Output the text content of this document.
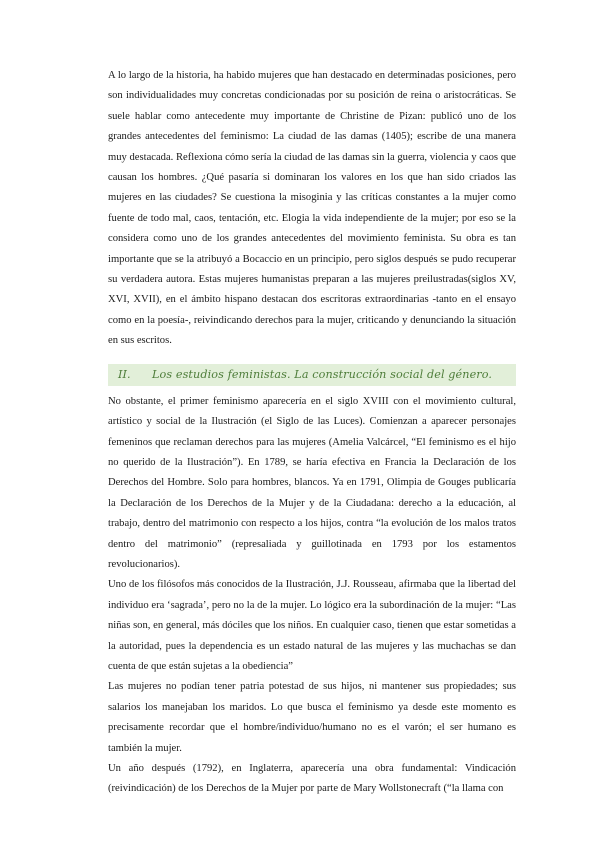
A lo largo de la historia, ha habido mujeres que han destacado en determinadas posiciones, pero son individualidades muy concretas condicionadas por su posición de reina o aristocráticas. Se suele hablar como antecedente muy importante de Christine de Pizan: publicó uno de los grandes antecedentes del feminismo: La ciudad de las damas (1405); escribe de una manera muy destacada. Reflexiona cómo sería la ciudad de las damas sin la guerra, violencia y caos que causan los hombres. ¿Qué pasaría si dominaran los valores en los que han sido criados las mujeres en las ciudades? Se cuestiona la misoginia y las críticas constantes a la mujer como fuente de todo mal, caos, tentación, etc. Elogia la vida independiente de la mujer; por eso se la considera como uno de los grandes antecedentes del movimiento feminista. Su obra es tan importante que se la atribuyó a Bocaccio en un principio, pero siglos después se pudo recuperar su verdadera autora. Estas mujeres humanistas preparan a las mujeres preilustradas(siglos XV, XVI, XVII), en el ámbito hispano destacan dos escritoras extraordinarias -tanto en el ensayo como en la poesía-, reivindicando derechos para la mujer, criticando y denunciando la situación en sus escritos.

II.	Los estudios feministas. La construcción social del género.

No obstante, el primer feminismo aparecería en el siglo XVIII con el movimiento cultural, artístico y social de la Ilustración (el Siglo de las Luces). Comienzan a aparecer personajes femeninos que reclaman derechos para las mujeres (Amelia Valcárcel, “El feminismo es el hijo no querido de la Ilustración”). En 1789, se haría efectiva en Francia la Declaración de los Derechos del Hombre. Solo para hombres, blancos. Ya en 1791, Olimpia de Gouges publicaría la Declaración de los Derechos de la Mujer y de la Ciudadana: derecho a la educación, al trabajo, dentro del matrimonio con respecto a los hijos, contra “la evolución de los malos tratos dentro del matrimonio” (represaliada y guillotinada en 1793 por los estamentos revolucionarios).

Uno de los filósofos más conocidos de la Ilustración, J.J. Rousseau, afirmaba que la libertad del individuo era ‘sagrada’, pero no la de la mujer. Lo lógico era la subordinación de la mujer: “Las niñas son, en general, más dóciles que los niños. En cualquier caso, tienen que estar sometidas a la autoridad, pues la dependencia es un estado natural de las mujeres y las muchachas se dan cuenta de que están sujetas a la obediencia”

Las mujeres no podían tener patria potestad de sus hijos, ni mantener sus propiedades; sus salarios los manejaban los maridos. Lo que busca el feminismo ya desde este momento es precisamente recordar que el hombre/individuo/humano no es el varón; el ser humano es también la mujer.

Un año después (1792), en Inglaterra, aparecería una obra fundamental: Vindicación (reivindicación) de los Derechos de la Mujer por parte de Mary Wollstonecraft (“la llama con
